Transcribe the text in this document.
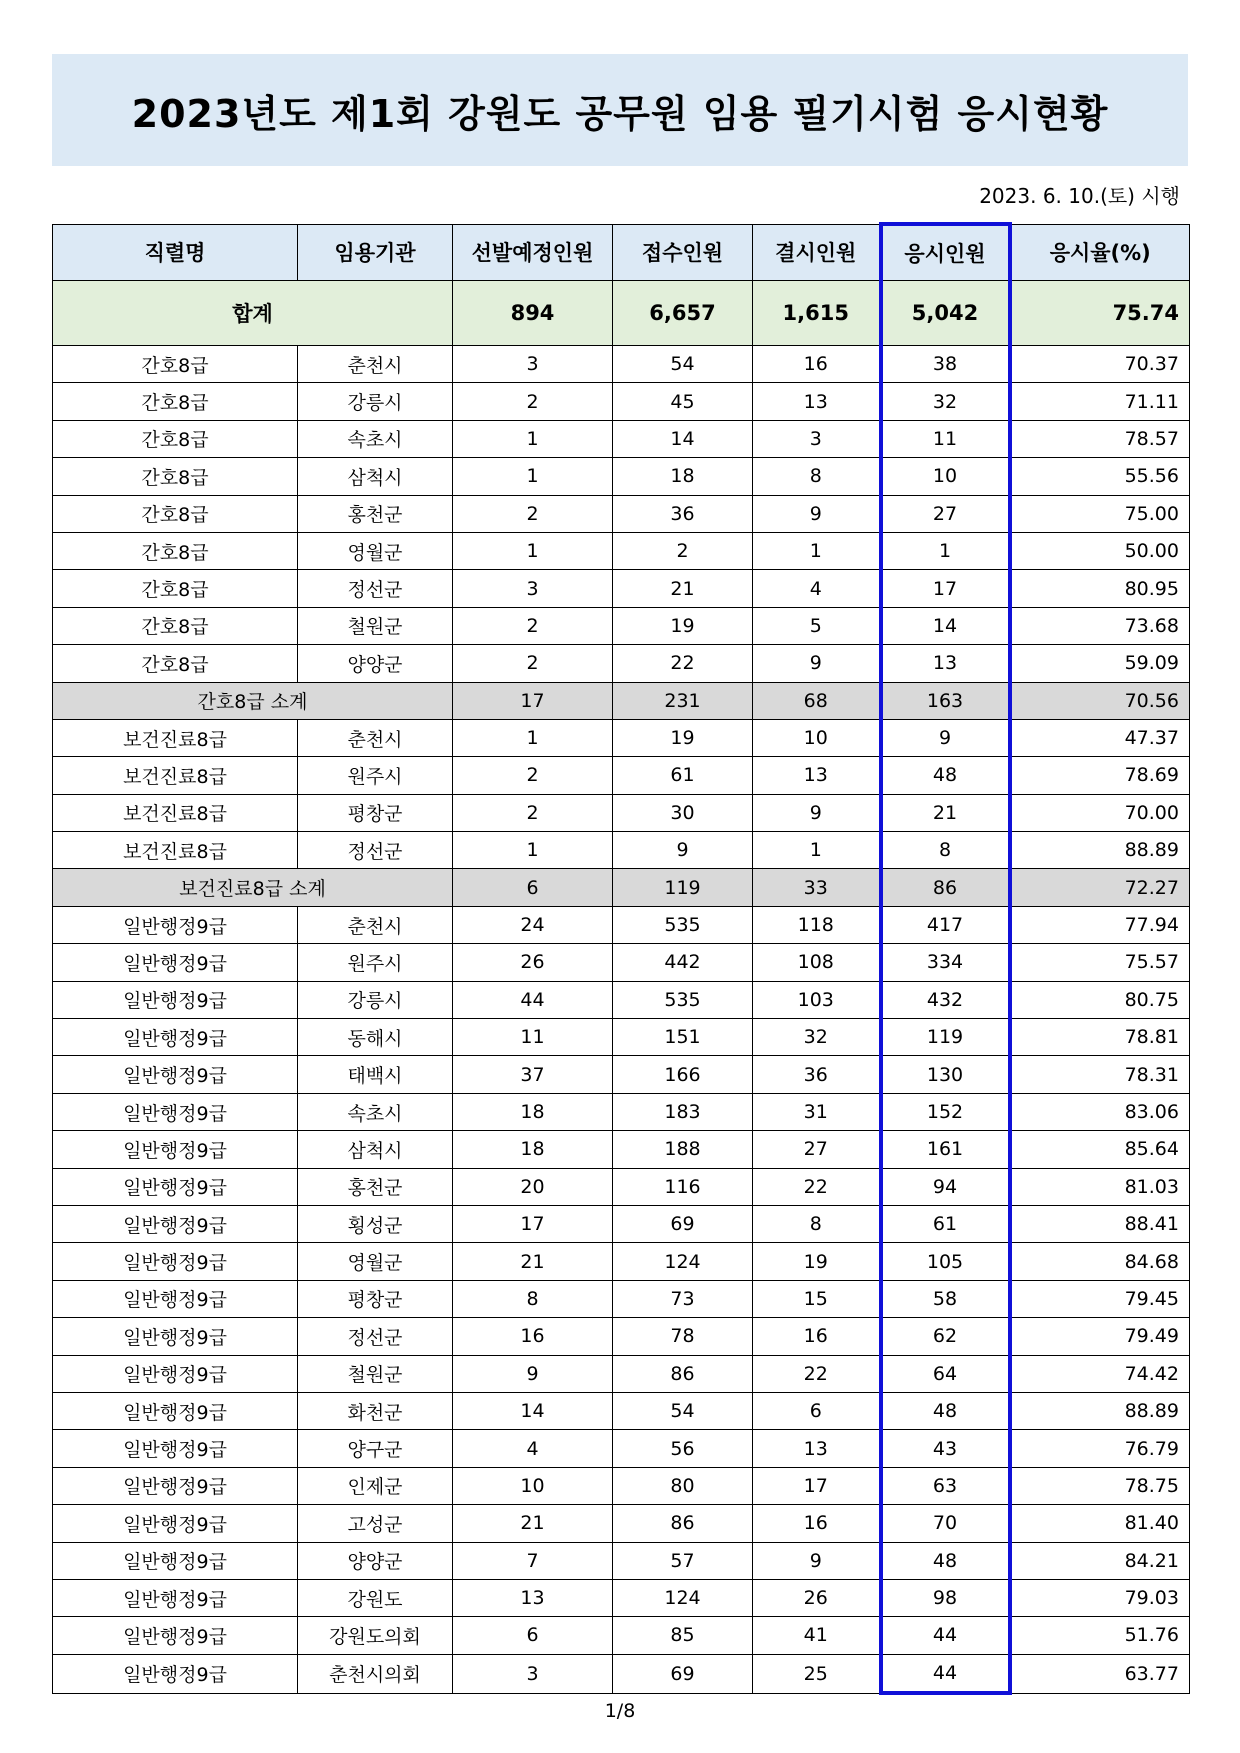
2023년도 제1회 강원도 공무원 임용 필기시험 응시현황
2023. 6. 10.(토) 시행
직렬명	임용기관	선발예정인원	접수인원	결시인원	응시인원	응시율(%)
합계		894	6,657	1,615	5,042	75.74
간호8급	춘천시	3	54	16	38	70.37
간호8급	강릉시	2	45	13	32	71.11
간호8급	속초시	1	14	3	11	78.57
간호8급	삼척시	1	18	8	10	55.56
간호8급	홍천군	2	36	9	27	75.00
간호8급	영월군	1	2	1	1	50.00
간호8급	정선군	3	21	4	17	80.95
간호8급	철원군	2	19	5	14	73.68
간호8급	양양군	2	22	9	13	59.09
간호8급 소계		17	231	68	163	70.56
보건진료8급	춘천시	1	19	10	9	47.37
보건진료8급	원주시	2	61	13	48	78.69
보건진료8급	평창군	2	30	9	21	70.00
보건진료8급	정선군	1	9	1	8	88.89
보건진료8급 소계		6	119	33	86	72.27
일반행정9급	춘천시	24	535	118	417	77.94
일반행정9급	원주시	26	442	108	334	75.57
일반행정9급	강릉시	44	535	103	432	80.75
일반행정9급	동해시	11	151	32	119	78.81
일반행정9급	태백시	37	166	36	130	78.31
일반행정9급	속초시	18	183	31	152	83.06
일반행정9급	삼척시	18	188	27	161	85.64
일반행정9급	홍천군	20	116	22	94	81.03
일반행정9급	횡성군	17	69	8	61	88.41
일반행정9급	영월군	21	124	19	105	84.68
일반행정9급	평창군	8	73	15	58	79.45
일반행정9급	정선군	16	78	16	62	79.49
일반행정9급	철원군	9	86	22	64	74.42
일반행정9급	화천군	14	54	6	48	88.89
일반행정9급	양구군	4	56	13	43	76.79
일반행정9급	인제군	10	80	17	63	78.75
일반행정9급	고성군	21	86	16	70	81.40
일반행정9급	양양군	7	57	9	48	84.21
일반행정9급	강원도	13	124	26	98	79.03
일반행정9급	강원도의회	6	85	41	44	51.76
일반행정9급	춘천시의회	3	69	25	44	63.77
1/8
